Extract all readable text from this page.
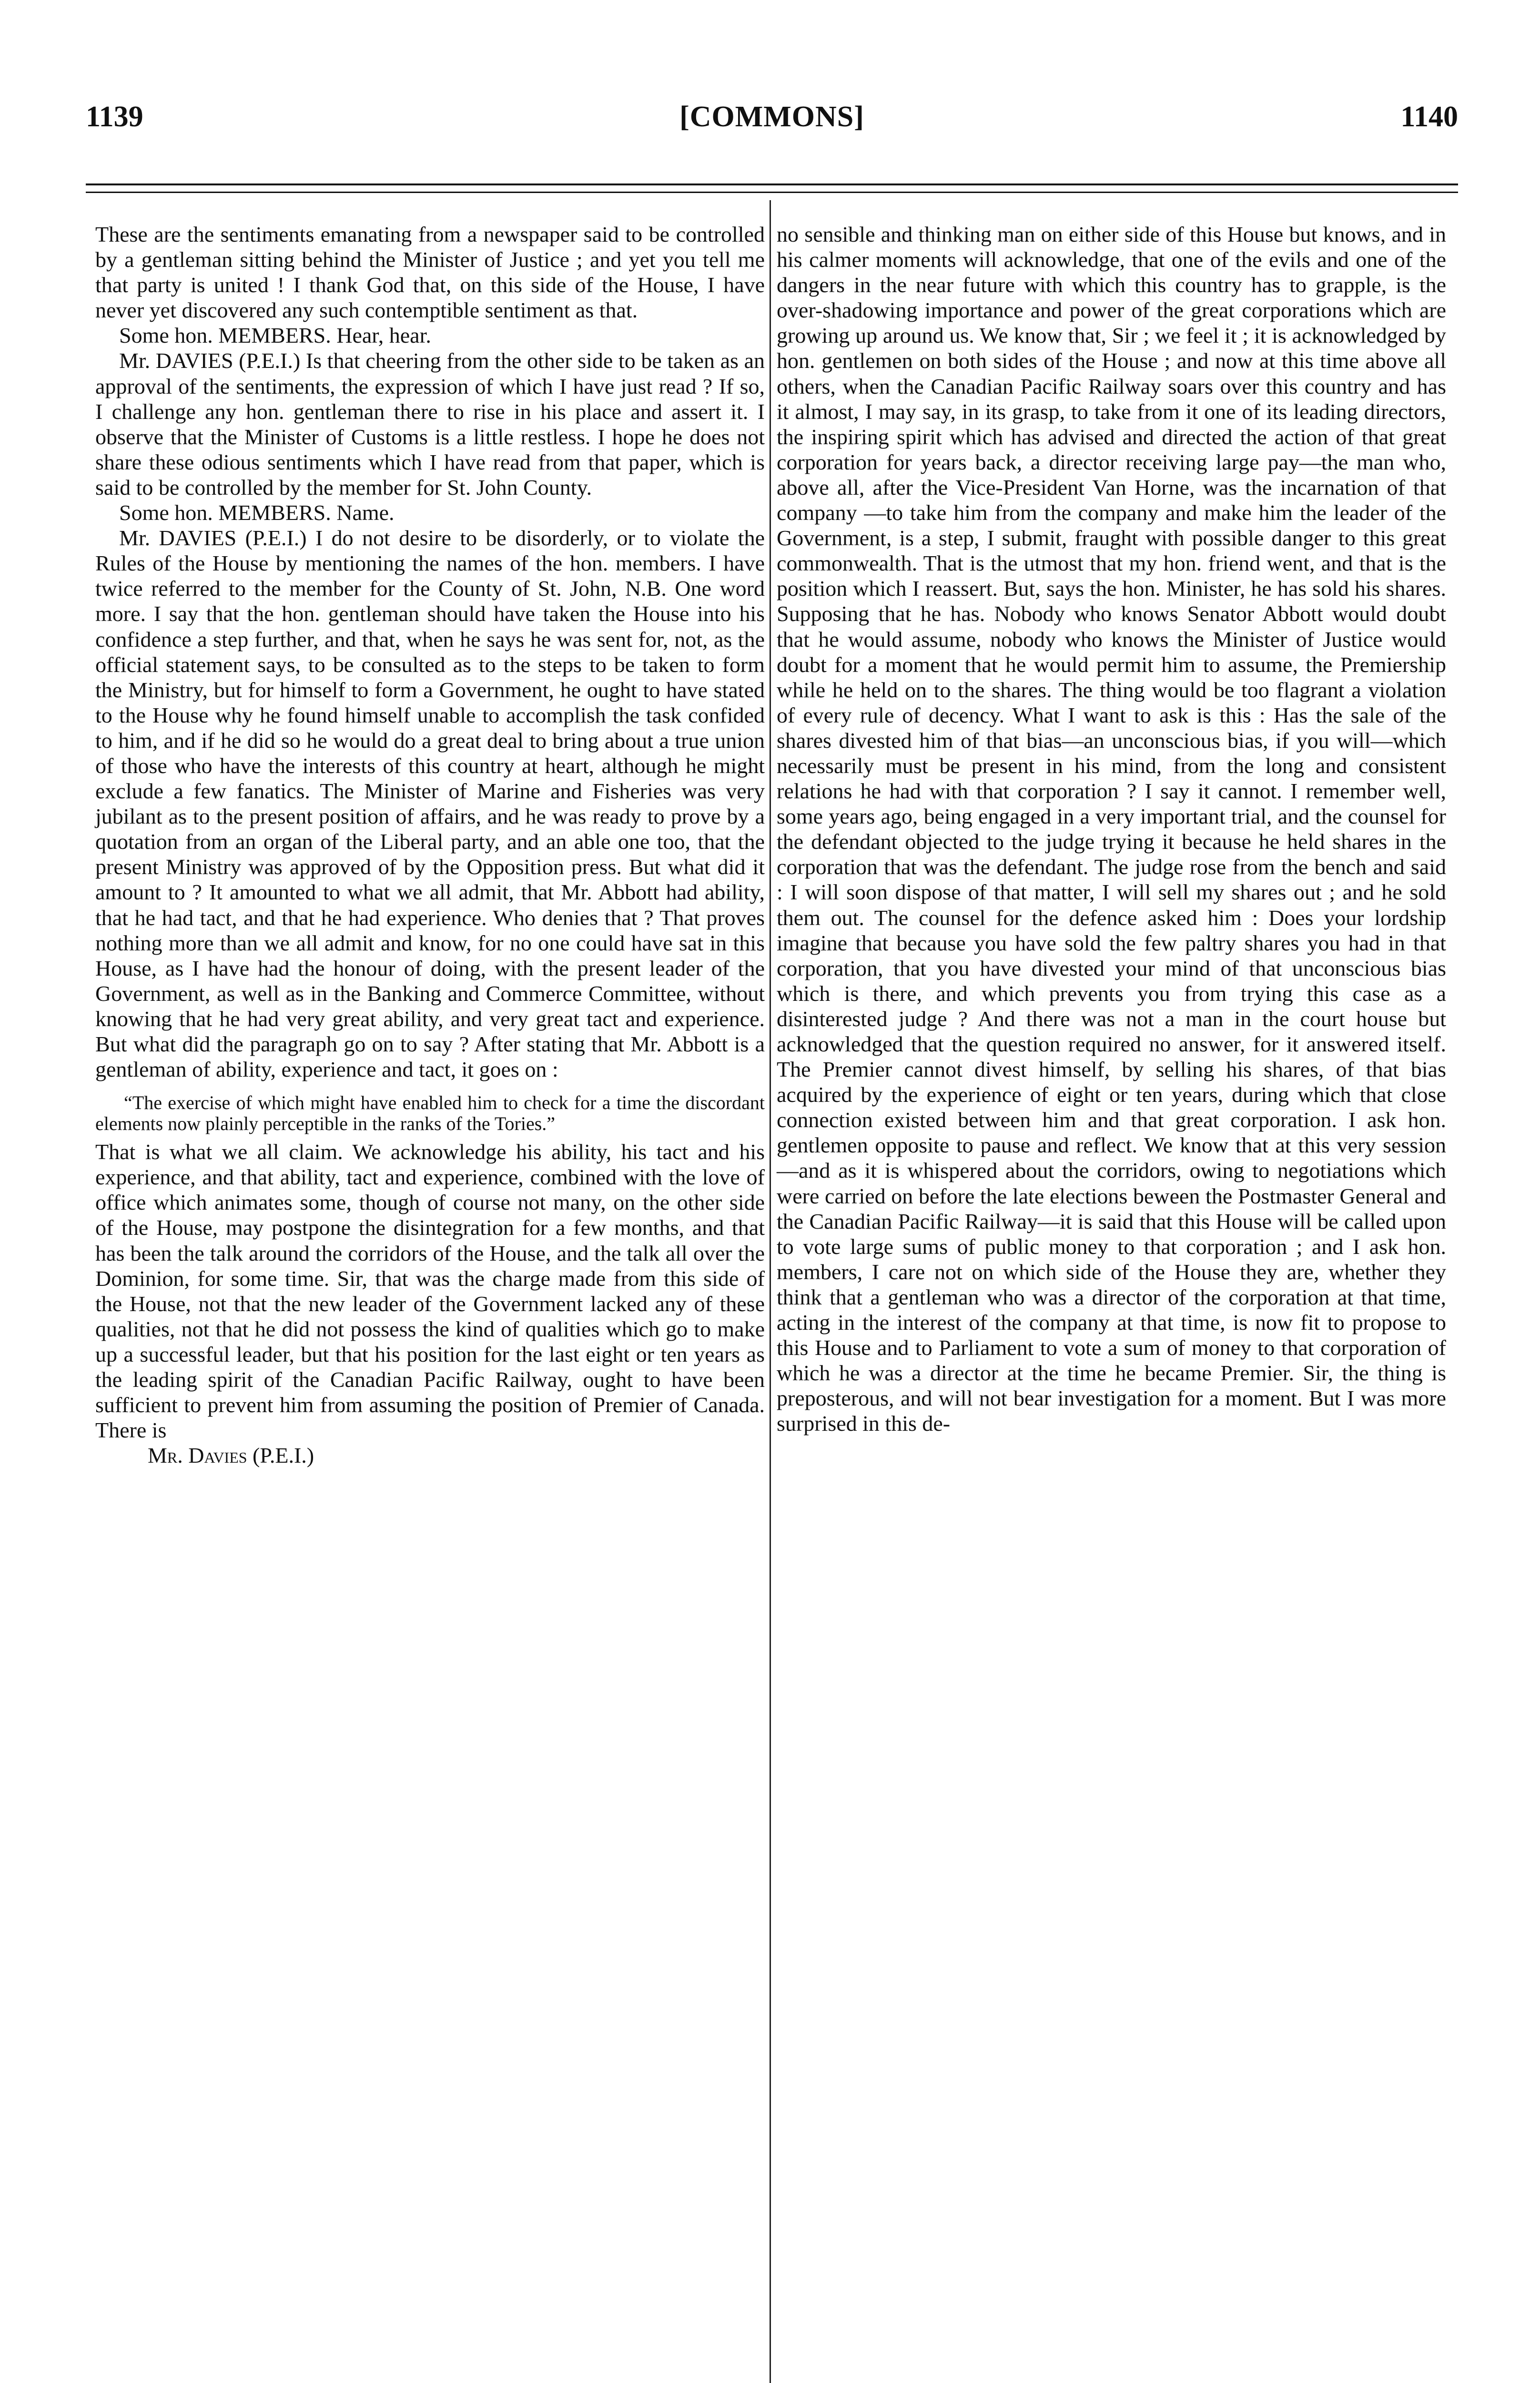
1139	[COMMONS]	1140

These are the sentiments emanating from a newspaper said to be controlled by a gentleman sitting behind the Minister of Justice ; and yet you tell me that party is united ! I thank God that, on this side of the House, I have never yet discovered any such contemptible sentiment as that.

Some hon. MEMBERS. Hear, hear.

Mr. DAVIES (P.E.I.) Is that cheering from the other side to be taken as an approval of the sentiments, the expression of which I have just read ? If so, I challenge any hon. gentleman there to rise in his place and assert it. I observe that the Minister of Customs is a little restless. I hope he does not share these odious sentiments which I have read from that paper, which is said to be controlled by the member for St. John County.

Some hon. MEMBERS. Name.

Mr. DAVIES (P.E.I.) I do not desire to be disorderly, or to violate the Rules of the House by mentioning the names of the hon. members. I have twice referred to the member for the County of St. John, N.B. One word more. I say that the hon. gentleman should have taken the House into his confidence a step further, and that, when he says he was sent for, not, as the official statement says, to be consulted as to the steps to be taken to form the Ministry, but for himself to form a Government, he ought to have stated to the House why he found himself unable to accomplish the task confided to him, and if he did so he would do a great deal to bring about a true union of those who have the interests of this country at heart, although he might exclude a few fanatics. The Minister of Marine and Fisheries was very jubilant as to the present position of affairs, and he was ready to prove by a quotation from an organ of the Liberal party, and an able one too, that the present Ministry was approved of by the Opposition press. But what did it amount to ? It amounted to what we all admit, that Mr. Abbott had ability, that he had tact, and that he had experience. Who denies that ? That proves nothing more than we all admit and know, for no one could have sat in this House, as I have had the honour of doing, with the present leader of the Government, as well as in the Banking and Commerce Committee, without knowing that he had very great ability, and very great tact and experience. But what did the paragraph go on to say ? After stating that Mr. Abbott is a gentleman of ability, experience and tact, it goes on :

“The exercise of which might have enabled him to check for a time the discordant elements now plainly perceptible in the ranks of the Tories.”

That is what we all claim. We acknowledge his ability, his tact and his experience, and that ability, tact and experience, combined with the love of office which animates some, though of course not many, on the other side of the House, may postpone the disintegration for a few months, and that has been the talk around the corridors of the House, and the talk all over the Dominion, for some time. Sir, that was the charge made from this side of the House, not that the new leader of the Government lacked any of these qualities, not that he did not possess the kind of qualities which go to make up a successful leader, but that his position for the last eight or ten years as the leading spirit of the Canadian Pacific Railway, ought to have been sufficient to prevent him from assuming the position of Premier of Canada. There is

Mr. Davies (P.E.I.)

no sensible and thinking man on either side of this House but knows, and in his calmer moments will acknowledge, that one of the evils and one of the dangers in the near future with which this country has to grapple, is the over-shadowing importance and power of the great corporations which are growing up around us. We know that, Sir ; we feel it ; it is acknowledged by hon. gentlemen on both sides of the House ; and now at this time above all others, when the Canadian Pacific Railway soars over this country and has it almost, I may say, in its grasp, to take from it one of its leading directors, the inspiring spirit which has advised and directed the action of that great corporation for years back, a director receiving large pay—the man who, above all, after the Vice-President Van Horne, was the incarnation of that company —to take him from the company and make him the leader of the Government, is a step, I submit, fraught with possible danger to this great commonwealth. That is the utmost that my hon. friend went, and that is the position which I reassert. But, says the hon. Minister, he has sold his shares. Supposing that he has. Nobody who knows Senator Abbott would doubt that he would assume, nobody who knows the Minister of Justice would doubt for a moment that he would permit him to assume, the Premiership while he held on to the shares. The thing would be too flagrant a violation of every rule of decency. What I want to ask is this : Has the sale of the shares divested him of that bias—an unconscious bias, if you will—which necessarily must be present in his mind, from the long and consistent relations he had with that corporation ? I say it cannot. I remember well, some years ago, being engaged in a very important trial, and the counsel for the defendant objected to the judge trying it because he held shares in the corporation that was the defendant. The judge rose from the bench and said : I will soon dispose of that matter, I will sell my shares out ; and he sold them out. The counsel for the defence asked him : Does your lordship imagine that because you have sold the few paltry shares you had in that corporation, that you have divested your mind of that unconscious bias which is there, and which prevents you from trying this case as a disinterested judge ? And there was not a man in the court house but acknowledged that the question required no answer, for it answered itself. The Premier cannot divest himself, by selling his shares, of that bias acquired by the experience of eight or ten years, during which that close connection existed between him and that great corporation. I ask hon. gentlemen opposite to pause and reflect. We know that at this very session—and as it is whispered about the corridors, owing to negotiations which were carried on before the late elections beween the Postmaster General and the Canadian Pacific Railway—it is said that this House will be called upon to vote large sums of public money to that corporation ; and I ask hon. members, I care not on which side of the House they are, whether they think that a gentleman who was a director of the corporation at that time, acting in the interest of the company at that time, is now fit to propose to this House and to Parliament to vote a sum of money to that corporation of which he was a director at the time he became Premier. Sir, the thing is preposterous, and will not bear investigation for a moment. But I was more surprised in this de-
